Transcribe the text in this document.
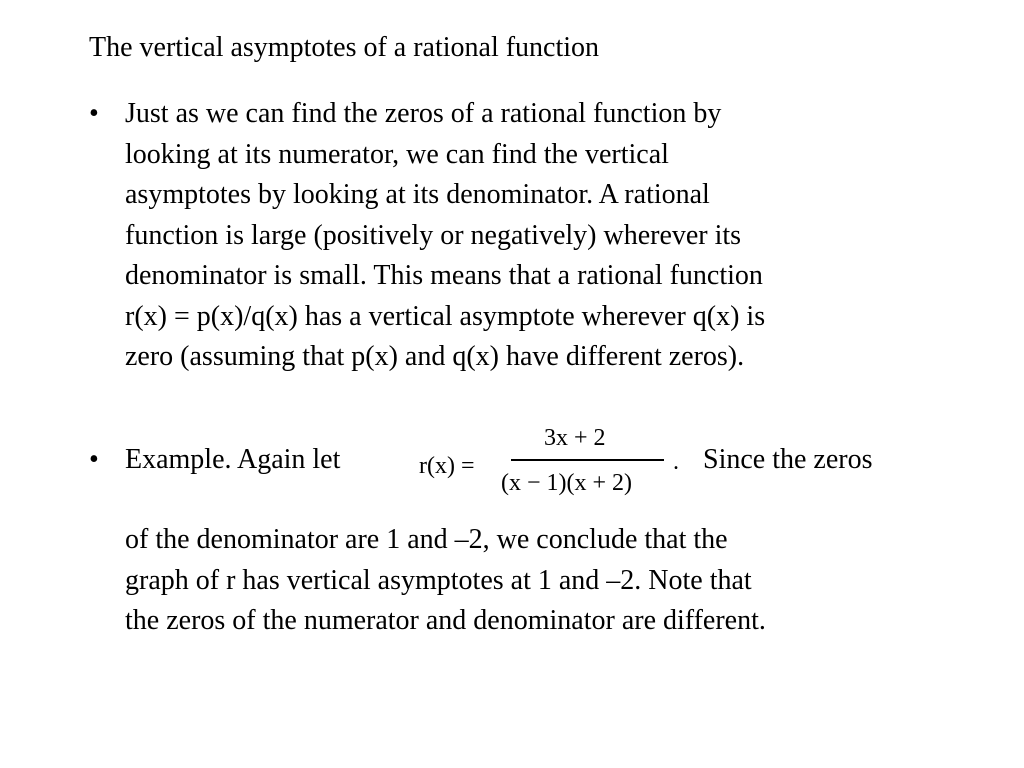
The vertical asymptotes of a rational function
• Just as we can find the zeros of a rational function by
looking at its numerator, we can find the vertical
asymptotes by looking at its denominator. A rational
function is large (positively or negatively) wherever its
denominator is small. This means that a rational function
r(x) = p(x)/q(x) has a vertical asymptote wherever q(x) is
zero (assuming that p(x) and q(x) have different zeros).
• Example. Again let	r(x) =
3x + 2
(x − 1)(x + 2)
. Since the zeros
of the denominator are 1 and –2, we conclude that the
graph of r has vertical asymptotes at 1 and –2. Note that
the zeros of the numerator and denominator are different.
